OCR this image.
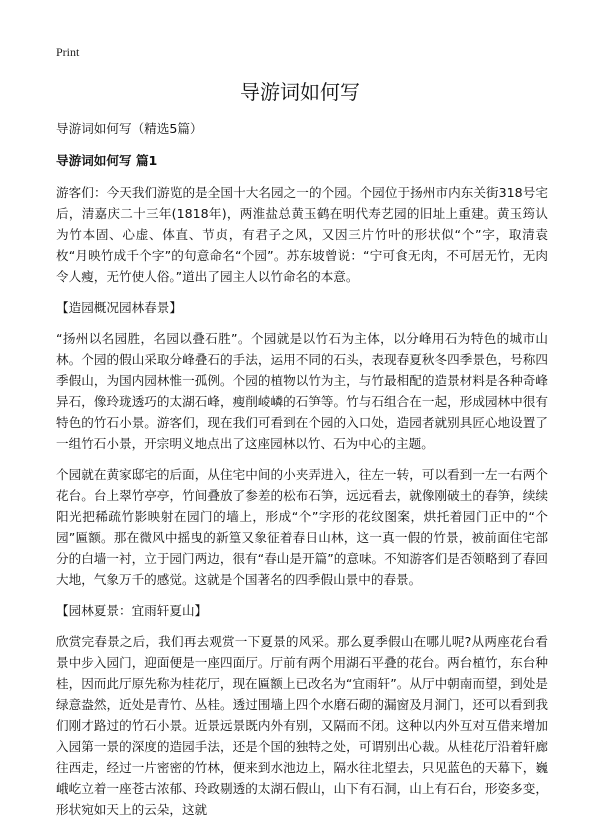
Print
导游词如何写

导游词如何写（精选5篇）

导游词如何写 篇1

游客们：今天我们游览的是全国十大名园之一的个园。个园位于扬州市内东关街318号宅后，清嘉庆二十三年(1818年)，两淮盐总黄玉鹤在明代寿艺园的旧址上重建。黄玉筠认为竹本固、心虚、体直、节贞，有君子之风，又因三片竹叶的形状似“个”字，取清袁枚“月映竹成千个字”的句意命名“个园”。苏东坡曾说：“宁可食无肉，不可居无竹，无肉令人瘦，无竹使人俗。”道出了园主人以竹命名的本意。

【造园概况园林春景】

“扬州以名园胜，名园以叠石胜”。个园就是以竹石为主体，以分峰用石为特色的城市山林。个园的假山采取分峰叠石的手法，运用不同的石头，表现春夏秋冬四季景色，号称四季假山，为国内园林惟一孤例。个园的植物以竹为主，与竹最相配的造景材料是各种奇峰异石，像玲珑透巧的太湖石峰，瘦削崚嶙的石笋等。竹与石组合在一起，形成园林中很有特色的竹石小景。游客们，现在我们可看到在个园的入口处，造园者就别具匠心地设置了一组竹石小景，开宗明义地点出了这座园林以竹、石为中心的主题。

个园就在黄家邸宅的后面，从住宅中间的小夹弄进入，往左一转，可以看到一左一右两个花台。台上翠竹亭亭，竹间叠放了参差的松布石笋，远远看去，就像刚破土的春笋，续续阳光把稀疏竹影映射在园门的墙上，形成“个”字形的花纹图案，烘托着园门正中的“个园”匾额。那在微风中摇曳的新篁又象征着春日山林，这一真一假的竹景，被前面住宅部分的白墙一衬，立于园门两边，很有“春山是开篇”的意味。不知游客们是否领略到了春回大地，气象万千的感觉。这就是个国著名的四季假山景中的春景。

【园林夏景：宜雨轩夏山】

欣赏完春景之后，我们再去观赏一下夏景的风采。那么夏季假山在哪儿呢?从两座花台看景中步入园门，迎面便是一座四面厅。厅前有两个用湖石平叠的花台。两台植竹，东台种桂，因而此厅原先称为桂花厅，现在匾额上已改名为“宜雨轩”。从厅中朝南而望，到处是绿意盎然，近处是青竹、丛桂。透过围墙上四个水磨石砌的漏窗及月洞门，还可以看到我们刚才路过的竹石小景。近景远景既内外有别，又隔而不闭。这种以内外互对互借来增加入园第一景的深度的造园手法，还是个国的独特之处，可谓别出心裁。从桂花厅沿着轩廊往西走，经过一片密密的竹林，便来到水池边上，隔水往北望去，只见蓝色的天幕下，巍峨屹立着一座苍古浓郁、玲政剔透的太湖石假山，山下有石洞，山上有石台，形姿多变，形状宛如天上的云朵，这就
